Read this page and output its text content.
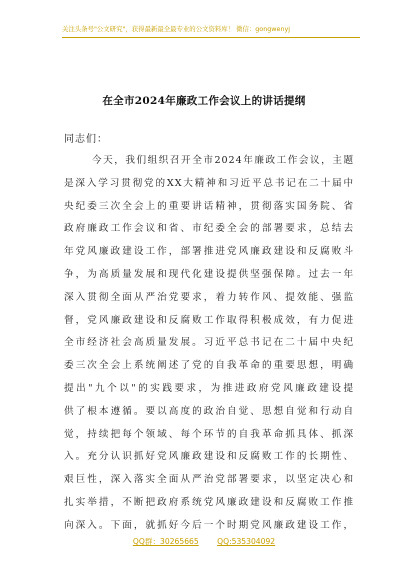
关注头条号"公文研究"，获得最新最全最专业的公文资料库！ 微信：gongwenyj
在全市2024年廉政工作会议上的讲话提纲
同志们：
今天，我们组织召开全市2024年廉政工作会议，主题
是深入学习贯彻党的XX大精神和习近平总书记在二十届中
央纪委三次全会上的重要讲话精神，贯彻落实国务院、省
政府廉政工作会议和省、市纪委全会的部署要求，总结去
年党风廉政建设工作，部署推进党风廉政建设和反腐败斗
争，为高质量发展和现代化建设提供坚强保障。过去一年
深入贯彻全面从严治党要求，着力转作风、提效能、强监
督，党风廉政建设和反腐败工作取得积极成效，有力促进
全市经济社会高质量发展。习近平总书记在二十届中央纪
委三次全会上系统阐述了党的自我革命的重要思想，明确
提出"九个以"的实践要求，为推进政府党风廉政建设提
供了根本遵循。要以高度的政治自觉、思想自觉和行动自
觉，持续把每个领域、每个环节的自我革命抓具体、抓深
入。充分认识抓好党风廉政建设和反腐败工作的长期性、
艰巨性，深入落实全面从严治党部署要求，以坚定决心和
扎实举措，不断把政府系统党风廉政建设和反腐败工作推
向深入。下面，就抓好今后一个时期党风廉政建设工作，
QQ群：30265665 QQ:535304092
